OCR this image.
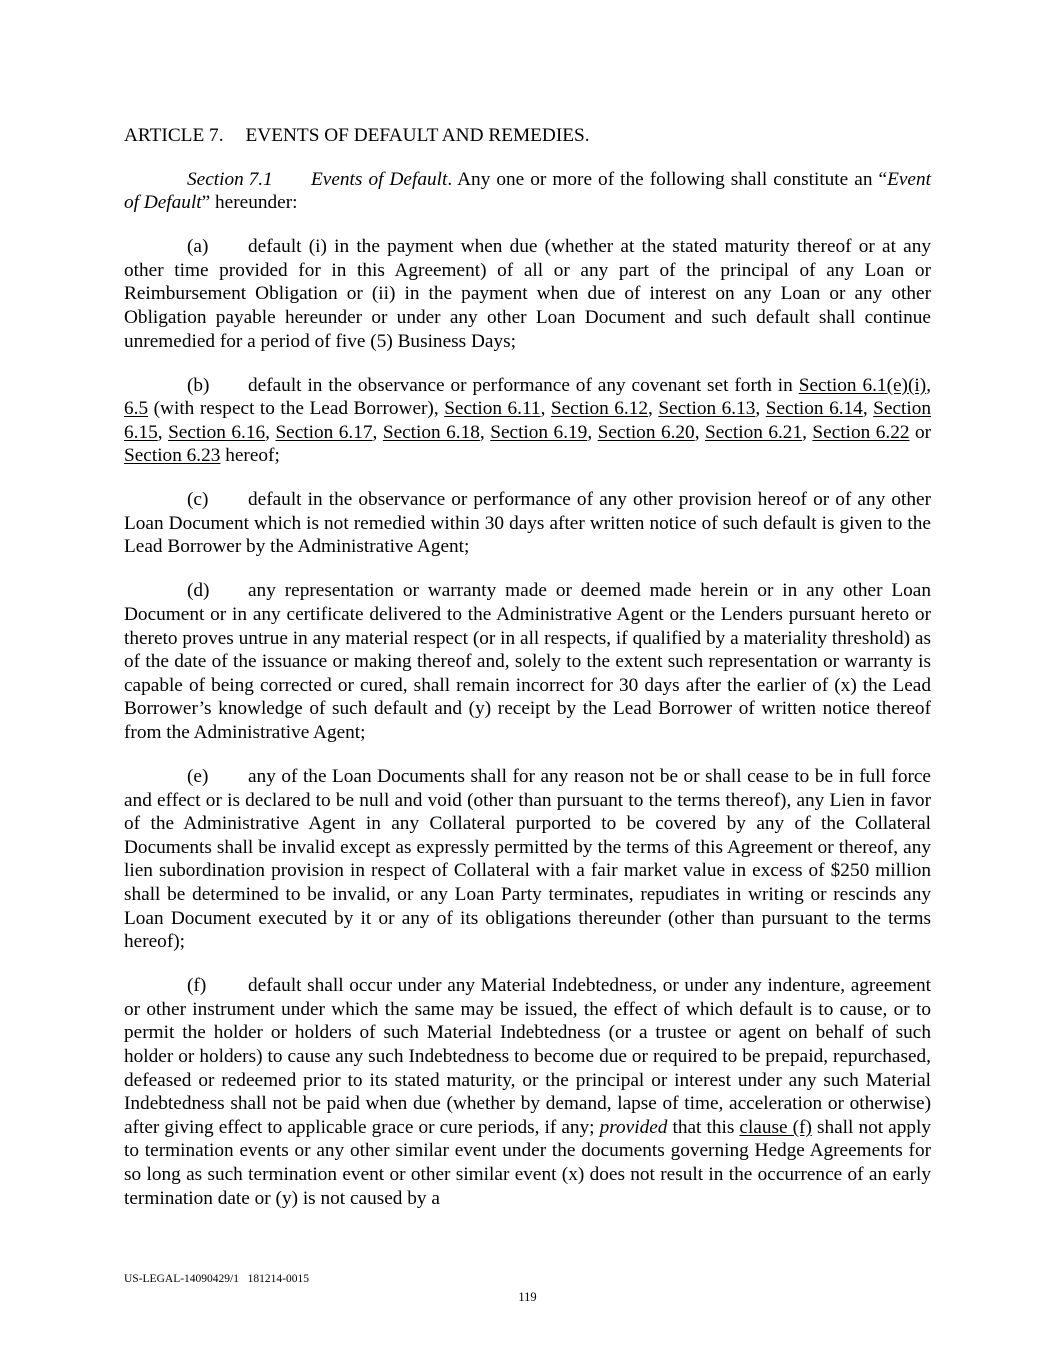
ARTICLE 7. EVENTS OF DEFAULT AND REMEDIES.

Section 7.1 Events of Default. Any one or more of the following shall constitute an “Event of Default” hereunder:

(a) default (i) in the payment when due (whether at the stated maturity thereof or at any other time provided for in this Agreement) of all or any part of the principal of any Loan or Reimbursement Obligation or (ii) in the payment when due of interest on any Loan or any other Obligation payable hereunder or under any other Loan Document and such default shall continue unremedied for a period of five (5) Business Days;

(b) default in the observance or performance of any covenant set forth in Section 6.1(e)(i), 6.5 (with respect to the Lead Borrower), Section 6.11, Section 6.12, Section 6.13, Section 6.14, Section 6.15, Section 6.16, Section 6.17, Section 6.18, Section 6.19, Section 6.20, Section 6.21, Section 6.22 or Section 6.23 hereof;

(c) default in the observance or performance of any other provision hereof or of any other Loan Document which is not remedied within 30 days after written notice of such default is given to the Lead Borrower by the Administrative Agent;

(d) any representation or warranty made or deemed made herein or in any other Loan Document or in any certificate delivered to the Administrative Agent or the Lenders pursuant hereto or thereto proves untrue in any material respect (or in all respects, if qualified by a materiality threshold) as of the date of the issuance or making thereof and, solely to the extent such representation or warranty is capable of being corrected or cured, shall remain incorrect for 30 days after the earlier of (x) the Lead Borrower’s knowledge of such default and (y) receipt by the Lead Borrower of written notice thereof from the Administrative Agent;

(e) any of the Loan Documents shall for any reason not be or shall cease to be in full force and effect or is declared to be null and void (other than pursuant to the terms thereof), any Lien in favor of the Administrative Agent in any Collateral purported to be covered by any of the Collateral Documents shall be invalid except as expressly permitted by the terms of this Agreement or thereof, any lien subordination provision in respect of Collateral with a fair market value in excess of $250 million shall be determined to be invalid, or any Loan Party terminates, repudiates in writing or rescinds any Loan Document executed by it or any of its obligations thereunder (other than pursuant to the terms hereof);

(f) default shall occur under any Material Indebtedness, or under any indenture, agreement or other instrument under which the same may be issued, the effect of which default is to cause, or to permit the holder or holders of such Material Indebtedness (or a trustee or agent on behalf of such holder or holders) to cause any such Indebtedness to become due or required to be prepaid, repurchased, defeased or redeemed prior to its stated maturity, or the principal or interest under any such Material Indebtedness shall not be paid when due (whether by demand, lapse of time, acceleration or otherwise) after giving effect to applicable grace or cure periods, if any; provided that this clause (f) shall not apply to termination events or any other similar event under the documents governing Hedge Agreements for so long as such termination event or other similar event (x) does not result in the occurrence of an early termination date or (y) is not caused by a

US-LEGAL-14090429/1   181214-0015
119
